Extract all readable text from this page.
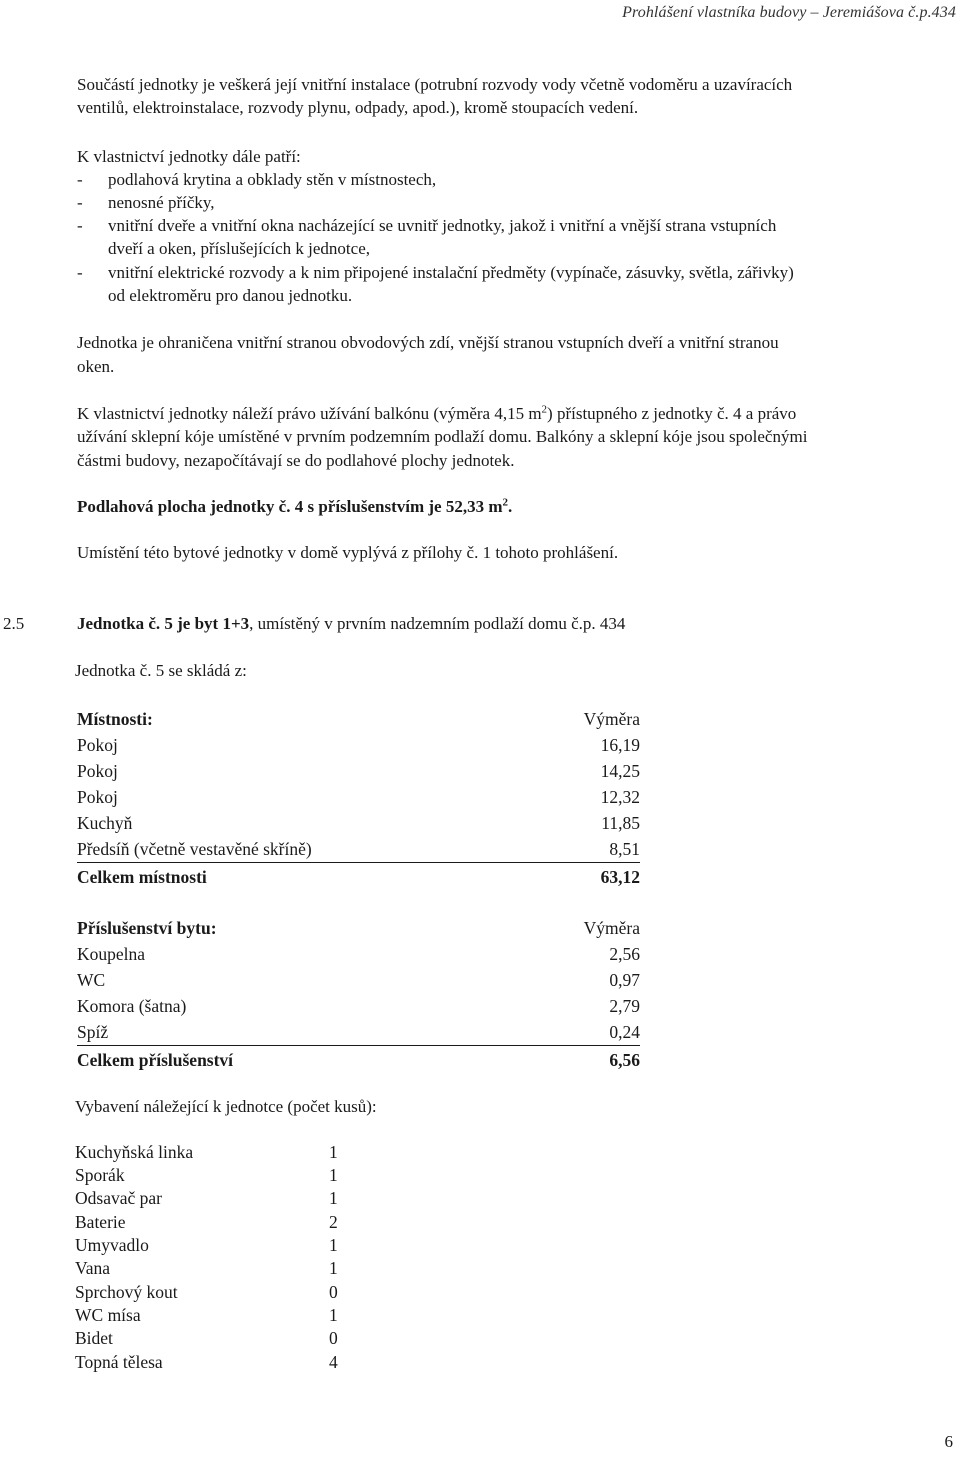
Prohlášení vlastníka budovy – Jeremiášova č.p.434
Součástí jednotky je veškerá její vnitřní instalace (potrubní rozvody vody včetně vodoměru a uzavíracích
ventilů, elektroinstalace, rozvody plynu, odpady, apod.), kromě stoupacích vedení.
K vlastnictví jednotky dále patří:
- podlahová krytina a obklady stěn v místnostech,
- nenosné příčky,
- vnitřní dveře a vnitřní okna nacházející se uvnitř jednotky, jakož i vnitřní a vnější strana vstupních
dveří a oken, příslušejících k jednotce,
- vnitřní elektrické rozvody a k nim připojené instalační předměty (vypínače, zásuvky, světla, zářivky)
od elektroměru pro danou jednotku.
Jednotka je ohraničena vnitřní stranou obvodových zdí, vnější stranou vstupních dveří a vnitřní stranou
oken.
K vlastnictví jednotky náleží právo užívání balkónu (výměra 4,15 $m^2$) přístupného z jednotky č. 4 a právo
užívání sklepní kóje umístěné v prvním podzemním podlaží domu. Balkóny a sklepní kóje jsou společnými
částmi budovy, nezapočítávají se do podlahové plochy jednotek.
Podlahová plocha jednotky č. 4 s příslušenstvím je 52,33 $m^2$.
Umístění této bytové jednotky v domě vyplývá z přílohy č. 1 tohoto prohlášení.
2.5	Jednotka č. 5 je byt 1+3, umístěný v prvním nadzemním podlaží domu č.p. 434
Jednotka č. 5 se skládá z:
Místnosti:	Výměra
Pokoj	16,19
Pokoj	14,25
Pokoj	12,32
Kuchyň	11,85
Předsíň (včetně vestavěné skříně)	8,51
Celkem místnosti	63,12
Příslušenství bytu:	Výměra
Koupelna	2,56
WC	0,97
Komora (šatna)	2,79
Spíž	0,24
Celkem příslušenství	6,56
Vybavení náležející k jednotce (počet kusů):
Kuchyňská linka	1
Sporák	1
Odsavač par	1
Baterie	2
Umyvadlo	1
Vana	1
Sprchový kout	0
WC mísa	1
Bidet	0
Topná tělesa	4
6
